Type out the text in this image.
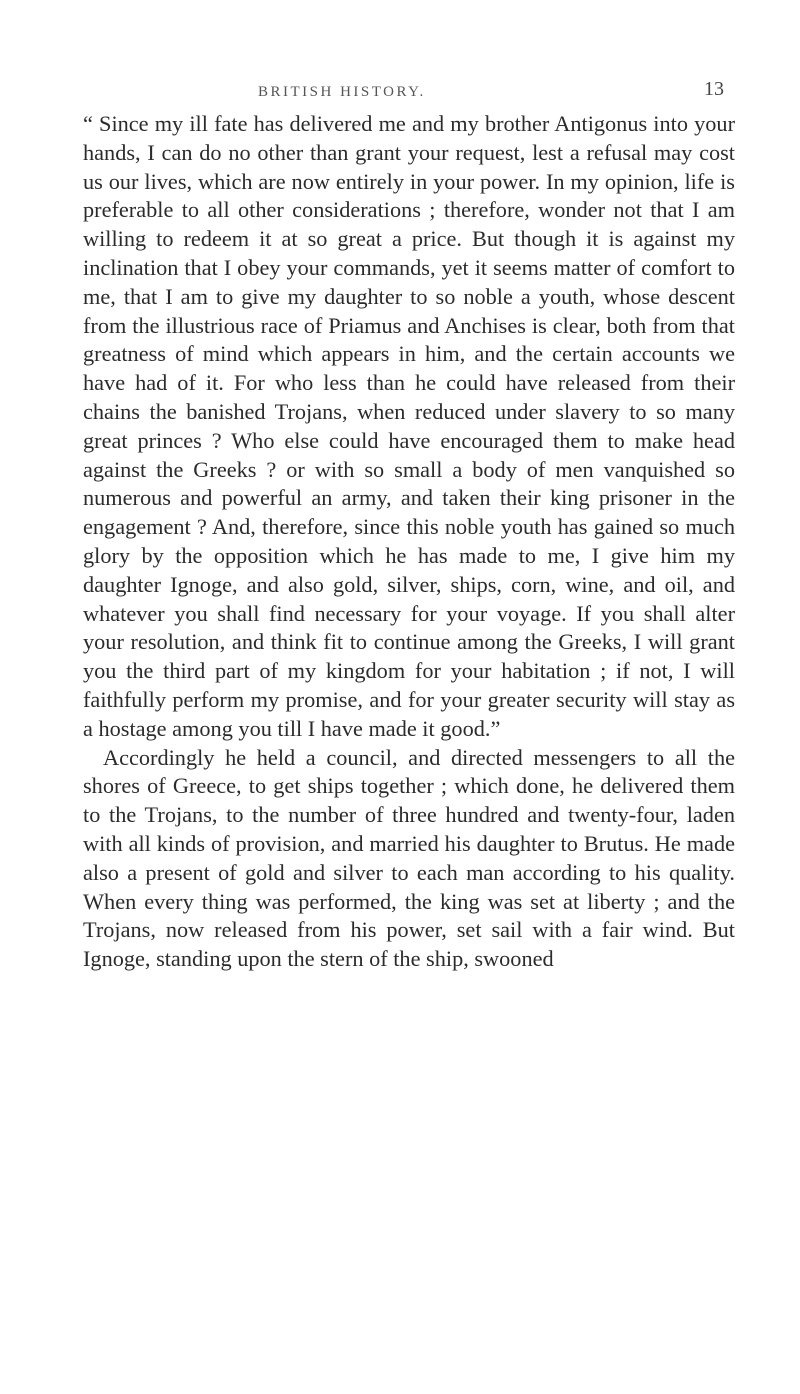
BRITISH HISTORY.	13

“ Since my ill fate has delivered me and my brother Antigonus into your hands, I can do no other than grant your request, lest a refusal may cost us our lives, which are now entirely in your power. In my opinion, life is preferable to all other considerations ; therefore, wonder not that I am willing to redeem it at so great a price. But though it is against my inclination that I obey your commands, yet it seems matter of comfort to me, that I am to give my daughter to so noble a youth, whose descent from the illustrious race of Priamus and Anchises is clear, both from that greatness of mind which appears in him, and the certain accounts we have had of it. For who less than he could have released from their chains the banished Trojans, when reduced under slavery to so many great princes ? Who else could have encouraged them to make head against the Greeks ? or with so small a body of men vanquished so numerous and powerful an army, and taken their king prisoner in the engagement ? And, therefore, since this noble youth has gained so much glory by the opposition which he has made to me, I give him my daughter Ignoge, and also gold, silver, ships, corn, wine, and oil, and whatever you shall find necessary for your voyage. If you shall alter your resolution, and think fit to continue among the Greeks, I will grant you the third part of my kingdom for your habitation ; if not, I will faithfully perform my promise, and for your greater security will stay as a hostage among you till I have made it good.”

Accordingly he held a council, and directed messengers to all the shores of Greece, to get ships together ; which done, he delivered them to the Trojans, to the number of three hundred and twenty-four, laden with all kinds of provision, and married his daughter to Brutus. He made also a present of gold and silver to each man according to his quality. When every thing was performed, the king was set at liberty ; and the Trojans, now released from his power, set sail with a fair wind. But Ignoge, standing upon the stern of the ship, swooned
